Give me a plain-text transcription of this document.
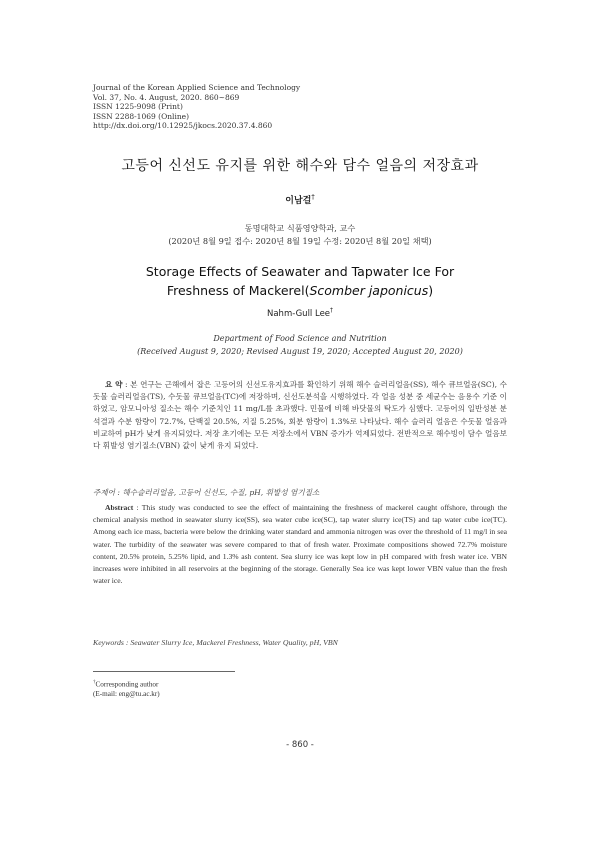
Journal of the Korean Applied Science and Technology
Vol. 37, No. 4. August, 2020. 860~869
ISSN 1225-9098 (Print)
ISSN 2288-1069 (Online)
http://dx.doi.org/10.12925/jkocs.2020.37.4.860
고등어 신선도 유지를 위한 해수와 담수 얼음의 저장효과
이남걸†
동명대학교 식품영양학과, 교수
(2020년 8월 9일 접수: 2020년 8월 19일 수정: 2020년 8월 20일 채택)
Storage Effects of Seawater and Tapwater Ice For
Freshness of Mackerel(Scomber japonicus)
Nahm-Gull Lee†
Department of Food Science and Nutrition
(Received August 9, 2020; Revised August 19, 2020; Accepted August 20, 2020)
요 약 : 본 연구는 근해에서 잡은 고등어의 신선도유지효과를 확인하기 위해 해수 슬러리얼음(SS), 해수 큐브얼음(SC), 수돗물 슬러리얼음(TS), 수돗물 큐브얼음(TC)에 저장하며, 신선도분석을 시행하였다. 각 얼음 성분 중 세균수는 음용수 기준 이하였고, 암모니아성 질소는 해수 기준치인 11 mg/L를 초과했다. 민물에 비해 바닷물의 탁도가 심했다. 고등어의 일반성분 분석결과 수분 함량이 72.7%, 단백질 20.5%, 지질 5.25%, 회분 함량이 1.3%로 나타났다. 해수 슬러리 얼음은 수돗물 얼음과 비교하여 pH가 낮게 유지되었다. 저장 초기에는 모든 저장소에서 VBN 증가가 억제되었다. 전반적으로 해수빙이 담수 얼음보다 휘발성 염기질소(VBN) 값이 낮게 유지 되었다.
주제어 : 해수슬러리얼음, 고등어 신선도, 수질, pH, 휘발성 염기질소
Abstract : This study was conducted to see the effect of maintaining the freshness of mackerel caught offshore, through the chemical analysis method in seawater slurry ice(SS), sea water cube ice(SC), tap water slurry ice(TS) and tap water cube ice(TC). Among each ice mass, bacteria were below the drinking water standard and ammonia nitrogen was over the threshold of 11 mg/l in sea water. The turbidity of the seawater was severe compared to that of fresh water. Proximate compositions showed 72.7% moisture content, 20.5% protein, 5.25% lipid, and 1.3% ash content. Sea slurry ice was kept low in pH compared with fresh water ice. VBN increases were inhibited in all reservoirs at the beginning of the storage. Generally Sea ice was kept lower VBN value than the fresh water ice.
Keywords : Seawater Slurry Ice, Mackerel Freshness, Water Quality, pH, VBN
†Corresponding author
(E-mail: eng@tu.ac.kr)
- 860 -
